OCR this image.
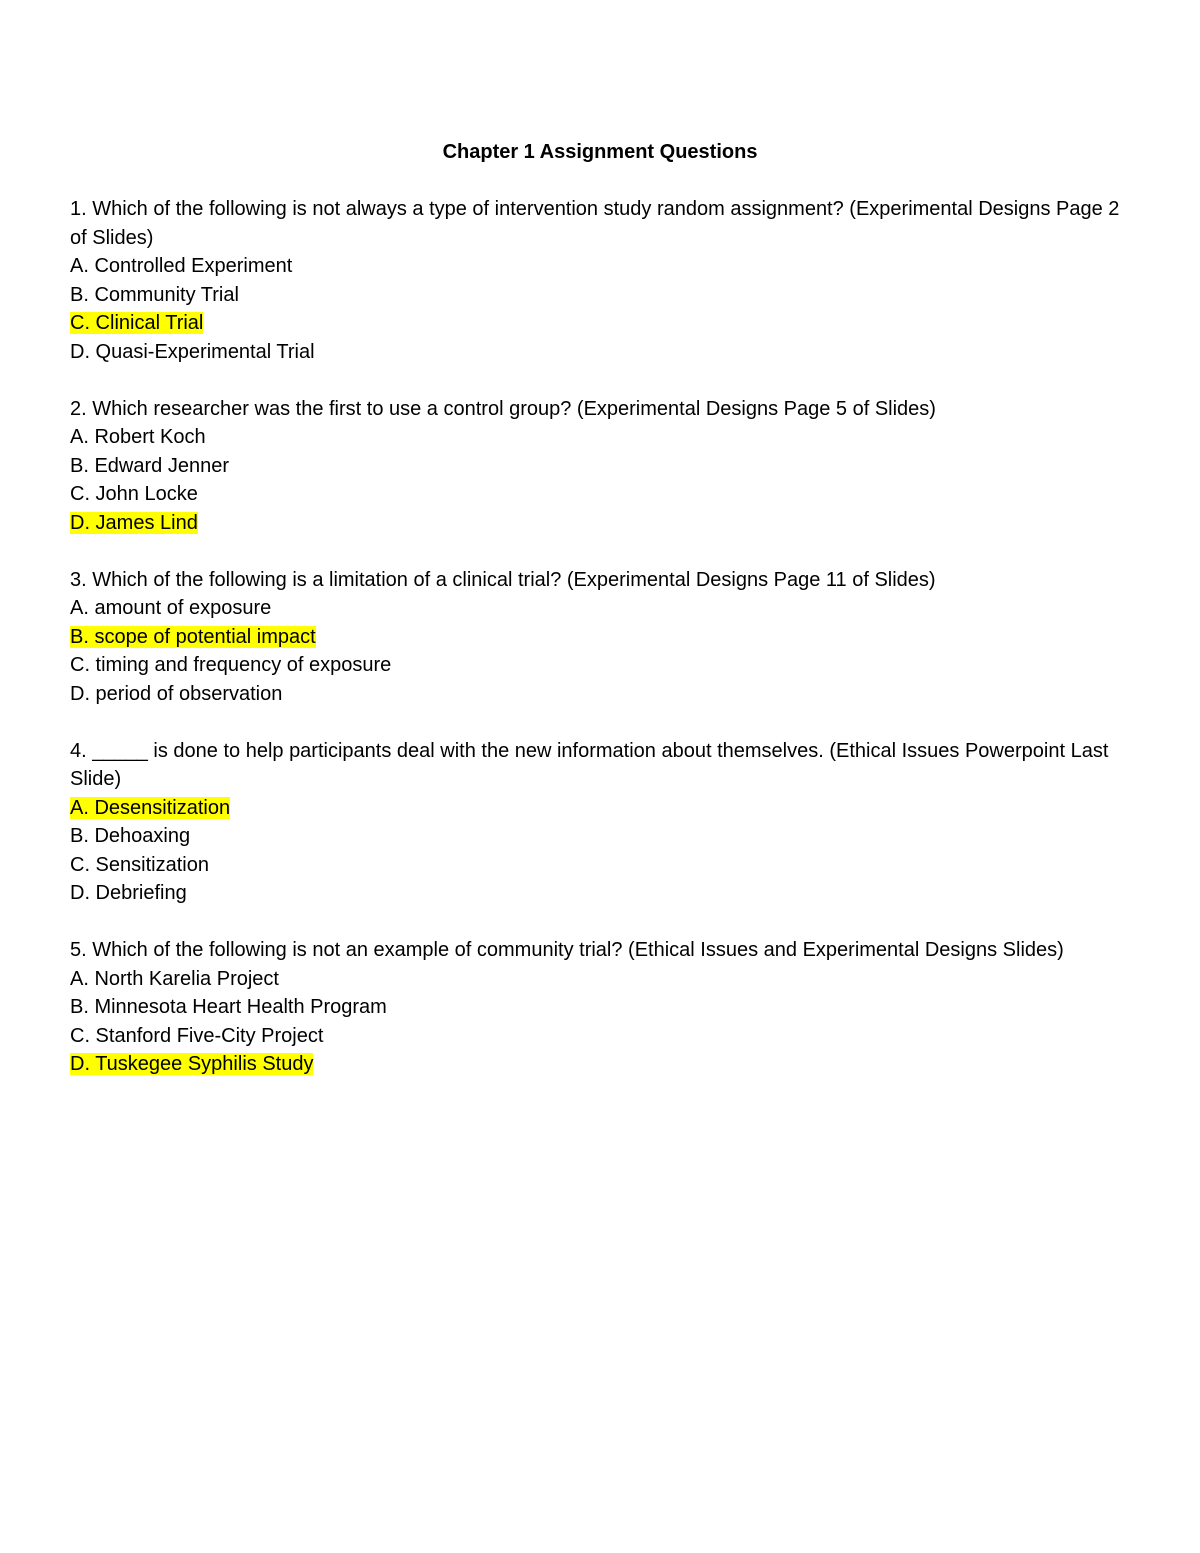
Chapter 1 Assignment Questions
1. Which of the following is not always a type of intervention study random assignment? (Experimental Designs Page 2 of Slides)
A. Controlled Experiment
B. Community Trial
C. Clinical Trial
D. Quasi-Experimental Trial
2. Which researcher was the first to use a control group? (Experimental Designs Page 5 of Slides)
A. Robert Koch
B. Edward Jenner
C. John Locke
D. James Lind
3. Which of the following is a limitation of a clinical trial? (Experimental Designs Page 11 of Slides)
A. amount of exposure
B. scope of potential impact
C. timing and frequency of exposure
D. period of observation
4. _____ is done to help participants deal with the new information about themselves. (Ethical Issues Powerpoint Last Slide)
A. Desensitization
B. Dehoaxing
C. Sensitization
D. Debriefing
5. Which of the following is not an example of community trial? (Ethical Issues and Experimental Designs Slides)
A. North Karelia Project
B. Minnesota Heart Health Program
C. Stanford Five-City Project
D. Tuskegee Syphilis Study
